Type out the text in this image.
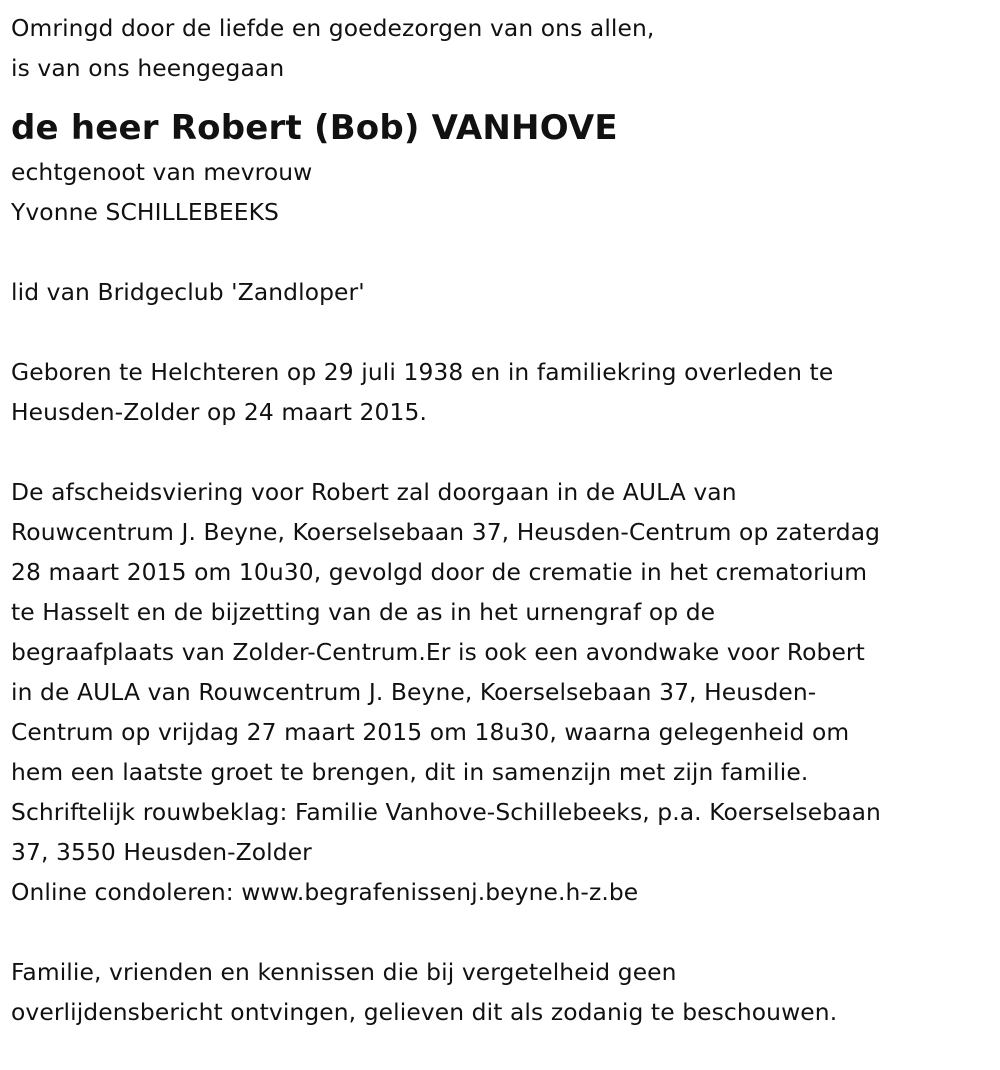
Omringd door de liefde en goedezorgen van ons allen,
is van ons heengegaan
de heer Robert (Bob) VANHOVE
echtgenoot van mevrouw
Yvonne SCHILLEBEEKS
lid van Bridgeclub 'Zandloper'
Geboren te Helchteren op 29 juli 1938 en in familiekring overleden te
Heusden-Zolder op 24 maart 2015.
De afscheidsviering voor Robert zal doorgaan in de AULA van
Rouwcentrum J. Beyne, Koerselsebaan 37, Heusden-Centrum op zaterdag
28 maart 2015 om 10u30, gevolgd door de crematie in het crematorium
te Hasselt en de bijzetting van de as in het urnengraf op de
begraafplaats van Zolder-Centrum.Er is ook een avondwake voor Robert
in de AULA van Rouwcentrum J. Beyne, Koerselsebaan 37, Heusden-
Centrum op vrijdag 27 maart 2015 om 18u30, waarna gelegenheid om
hem een laatste groet te brengen, dit in samenzijn met zijn familie.
Schriftelijk rouwbeklag: Familie Vanhove-Schillebeeks, p.a. Koerselsebaan
37, 3550 Heusden-Zolder
Online condoleren: www.begrafenissenj.beyne.h-z.be
Familie, vrienden en kennissen die bij vergetelheid geen
overlijdensbericht ontvingen, gelieven dit als zodanig te beschouwen.
